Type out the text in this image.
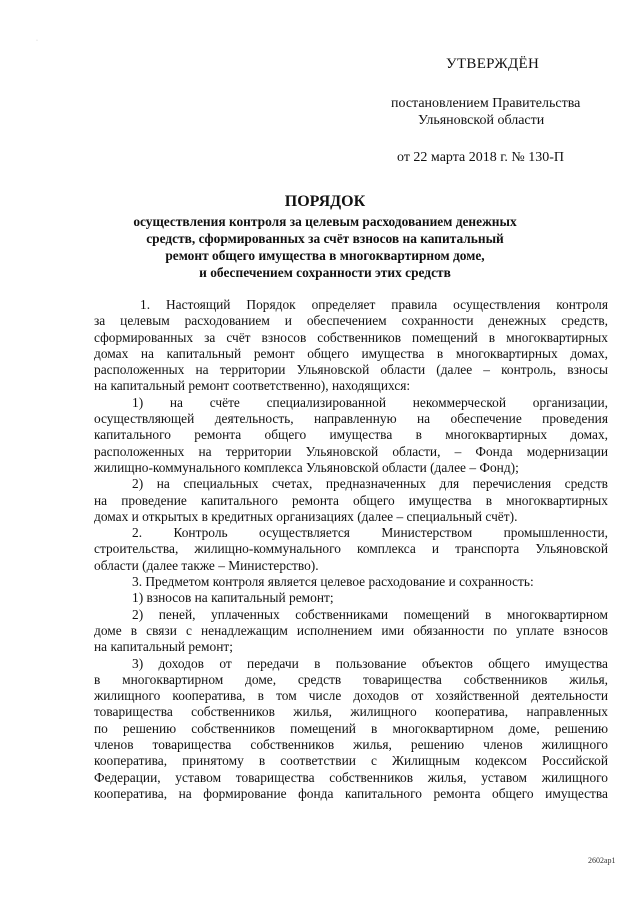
·
УТВЕРЖДЁН
постановлением Правительства
Ульяновской области
от 22 марта 2018 г. № 130-П
ПОРЯДОК
осуществления контроля за целевым расходованием денежных
средств, сформированных за счёт взносов на капитальный
ремонт общего имущества в многоквартирном доме,
и обеспечением сохранности этих средств
1. Настоящий Порядок определяет правила осуществления контроля
за целевым расходованием и обеспечением сохранности денежных средств,
сформированных за счёт взносов собственников помещений в многоквартирных
домах на капитальный ремонт общего имущества в многоквартирных домах,
расположенных на территории Ульяновской области (далее – контроль, взносы
на капитальный ремонт соответственно), находящихся:
1) на счёте специализированной некоммерческой организации,
осуществляющей деятельность, направленную на обеспечение проведения
капитального ремонта общего имущества в многоквартирных домах,
расположенных на территории Ульяновской области, – Фонда модернизации
жилищно-коммунального комплекса Ульяновской области (далее – Фонд);
2) на специальных счетах, предназначенных для перечисления средств
на проведение капитального ремонта общего имущества в многоквартирных
домах и открытых в кредитных организациях (далее – специальный счёт).
2. Контроль осуществляется Министерством промышленности,
строительства, жилищно-коммунального комплекса и транспорта Ульяновской
области (далее также – Министерство).
3. Предметом контроля является целевое расходование и сохранность:
1) взносов на капитальный ремонт;
2) пеней, уплаченных собственниками помещений в многоквартирном
доме в связи с ненадлежащим исполнением ими обязанности по уплате взносов
на капитальный ремонт;
3) доходов от передачи в пользование объектов общего имущества
в многоквартирном доме, средств товарищества собственников жилья,
жилищного кооператива, в том числе доходов от хозяйственной деятельности
товарищества собственников жилья, жилищного кооператива, направленных
по решению собственников помещений в многоквартирном доме, решению
членов товарищества собственников жилья, решению членов жилищного
кооператива, принятому в соответствии с Жилищным кодексом Российской
Федерации, уставом товарищества собственников жилья, уставом жилищного
кооператива, на формирование фонда капитального ремонта общего имущества
2602ap1
